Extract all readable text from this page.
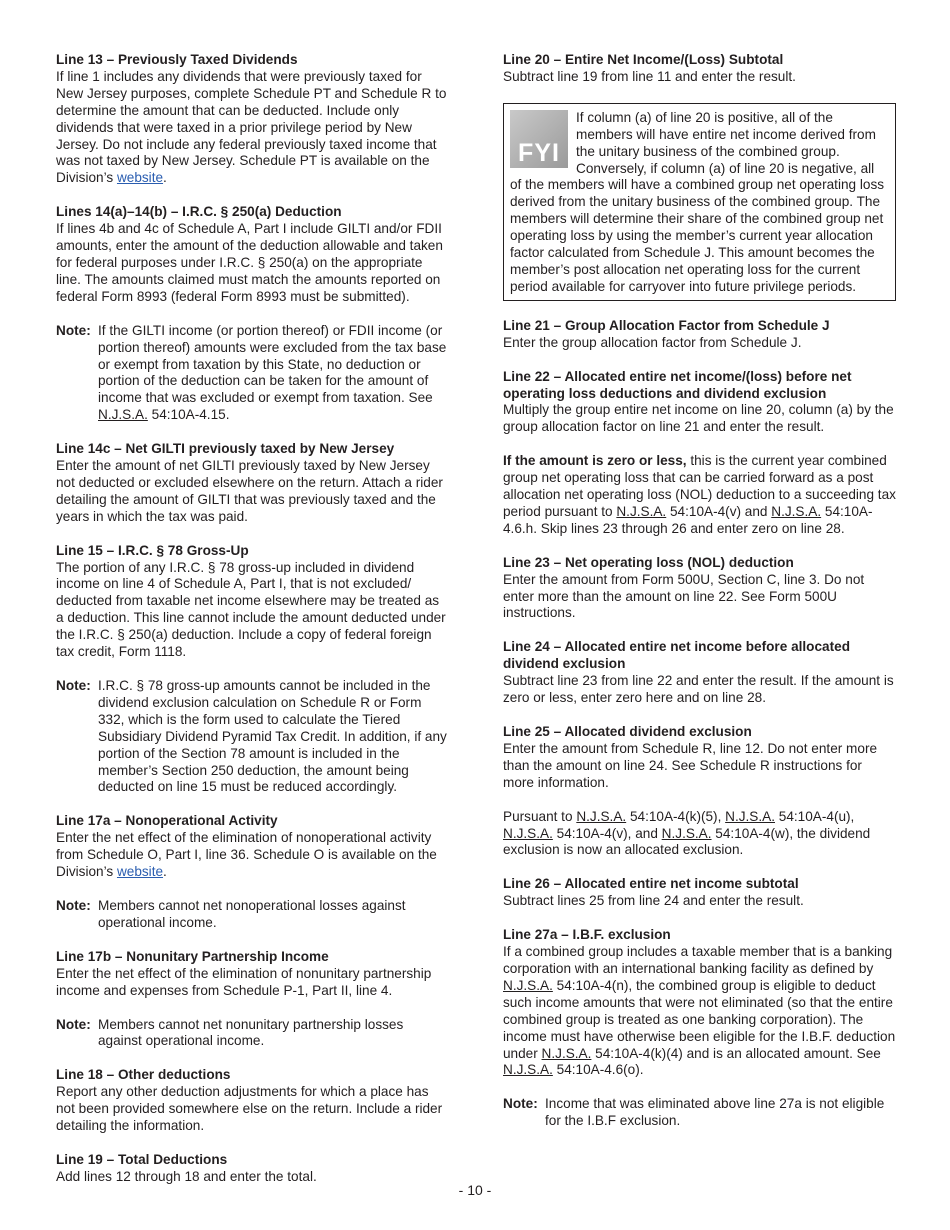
Line 13 – Previously Taxed Dividends

If line 1 includes any dividends that were previously taxed for New Jersey purposes, complete Schedule PT and Schedule R to determine the amount that can be deducted. Include only dividends that were taxed in a prior privilege period by New Jersey. Do not include any federal previously taxed income that was not taxed by New Jersey. Schedule PT is available on the Division’s website.

Lines 14(a)–14(b) – I.R.C. § 250(a) Deduction

If lines 4b and 4c of Schedule A, Part I include GILTI and/or FDII amounts, enter the amount of the deduction allowable and taken for federal purposes under I.R.C. § 250(a) on the appropriate line. The amounts claimed must match the amounts reported on federal Form 8993 (federal Form 8993 must be submitted).

Note: If the GILTI income (or portion thereof) or FDII income (or portion thereof) amounts were excluded from the tax base or exempt from taxation by this State, no deduction or portion of the deduction can be taken for the amount of income that was excluded or exempt from taxation. See N.J.S.A. 54:10A-4.15.
Line 14c – Net GILTI previously taxed by New Jersey

Enter the amount of net GILTI previously taxed by New Jersey not deducted or excluded elsewhere on the return. Attach a rider detailing the amount of GILTI that was previously taxed and the years in which the tax was paid.

Line 15 – I.R.C. § 78 Gross-Up

The portion of any I.R.C. § 78 gross-up included in dividend income on line 4 of Schedule A, Part I, that is not excluded/ deducted from taxable net income elsewhere may be treated as a deduction. This line cannot include the amount deducted under the I.R.C. § 250(a) deduction. Include a copy of federal foreign tax credit, Form 1118.

Note: I.R.C. § 78 gross-up amounts cannot be included in the dividend exclusion calculation on Schedule R or Form 332, which is the form used to calculate the Tiered Subsidiary Dividend Pyramid Tax Credit. In addition, if any portion of the Section 78 amount is included in the member’s Section 250 deduction, the amount being deducted on line 15 must be reduced accordingly.
Line 17a – Nonoperational Activity

Enter the net effect of the elimination of nonoperational activity from Schedule O, Part I, line 36. Schedule O is available on the Division’s website.

Note: Members cannot net nonoperational losses against operational income.
Line 17b – Nonunitary Partnership Income

Enter the net effect of the elimination of nonunitary partnership income and expenses from Schedule P-1, Part II, line 4.

Note: Members cannot net nonunitary partnership losses against operational income.
Line 18 – Other deductions

Report any other deduction adjustments for which a place has not been provided somewhere else on the return. Include a rider detailing the information.

Line 19 – Total Deductions

Add lines 12 through 18 and enter the total.

Line 20 – Entire Net Income/(Loss) Subtotal

Subtract line 19 from line 11 and enter the result.

FYI
If column (a) of line 20 is positive, all of the members will have entire net income derived from the unitary business of the combined group. Conversely, if column (a) of line 20 is negative, all of the members will have a combined group net operating loss derived from the unitary business of the combined group. The members will determine their share of the combined group net operating loss by using the member’s current year allocation factor calculated from Schedule J. This amount becomes the member’s post allocation net operating loss for the current period available for carryover into future privilege periods.
Line 21 – Group Allocation Factor from Schedule J

Enter the group allocation factor from Schedule J.

Line 22 – Allocated entire net income/(loss) before net operating loss deductions and dividend exclusion

Multiply the group entire net income on line 20, column (a) by the group allocation factor on line 21 and enter the result.

If the amount is zero or less, this is the current year combined group net operating loss that can be carried forward as a post allocation net operating loss (NOL) deduction to a succeeding tax period pursuant to N.J.S.A. 54:10A-4(v) and N.J.S.A. 54:10A-4.6.h. Skip lines 23 through 26 and enter zero on line 28.

Line 23 – Net operating loss (NOL) deduction

Enter the amount from Form 500U, Section C, line 3. Do not enter more than the amount on line 22. See Form 500U instructions.

Line 24 – Allocated entire net income before allocated dividend exclusion

Subtract line 23 from line 22 and enter the result. If the amount is zero or less, enter zero here and on line 28.

Line 25 – Allocated dividend exclusion

Enter the amount from Schedule R, line 12. Do not enter more than the amount on line 24. See Schedule R instructions for more information.

Pursuant to N.J.S.A. 54:10A-4(k)(5), N.J.S.A. 54:10A-4(u), N.J.S.A. 54:10A-4(v), and N.J.S.A. 54:10A-4(w), the dividend exclusion is now an allocated exclusion.

Line 26 – Allocated entire net income subtotal

Subtract lines 25 from line 24 and enter the result.

Line 27a – I.B.F. exclusion

If a combined group includes a taxable member that is a banking corporation with an international banking facility as defined by N.J.S.A. 54:10A-4(n), the combined group is eligible to deduct such income amounts that were not eliminated (so that the entire combined group is treated as one banking corporation). The income must have otherwise been eligible for the I.B.F. deduction under N.J.S.A. 54:10A-4(k)(4) and is an allocated amount. See N.J.S.A. 54:10A-4.6(o).

Note: Income that was eliminated above line 27a is not eligible for the I.B.F exclusion.
- 10 -
